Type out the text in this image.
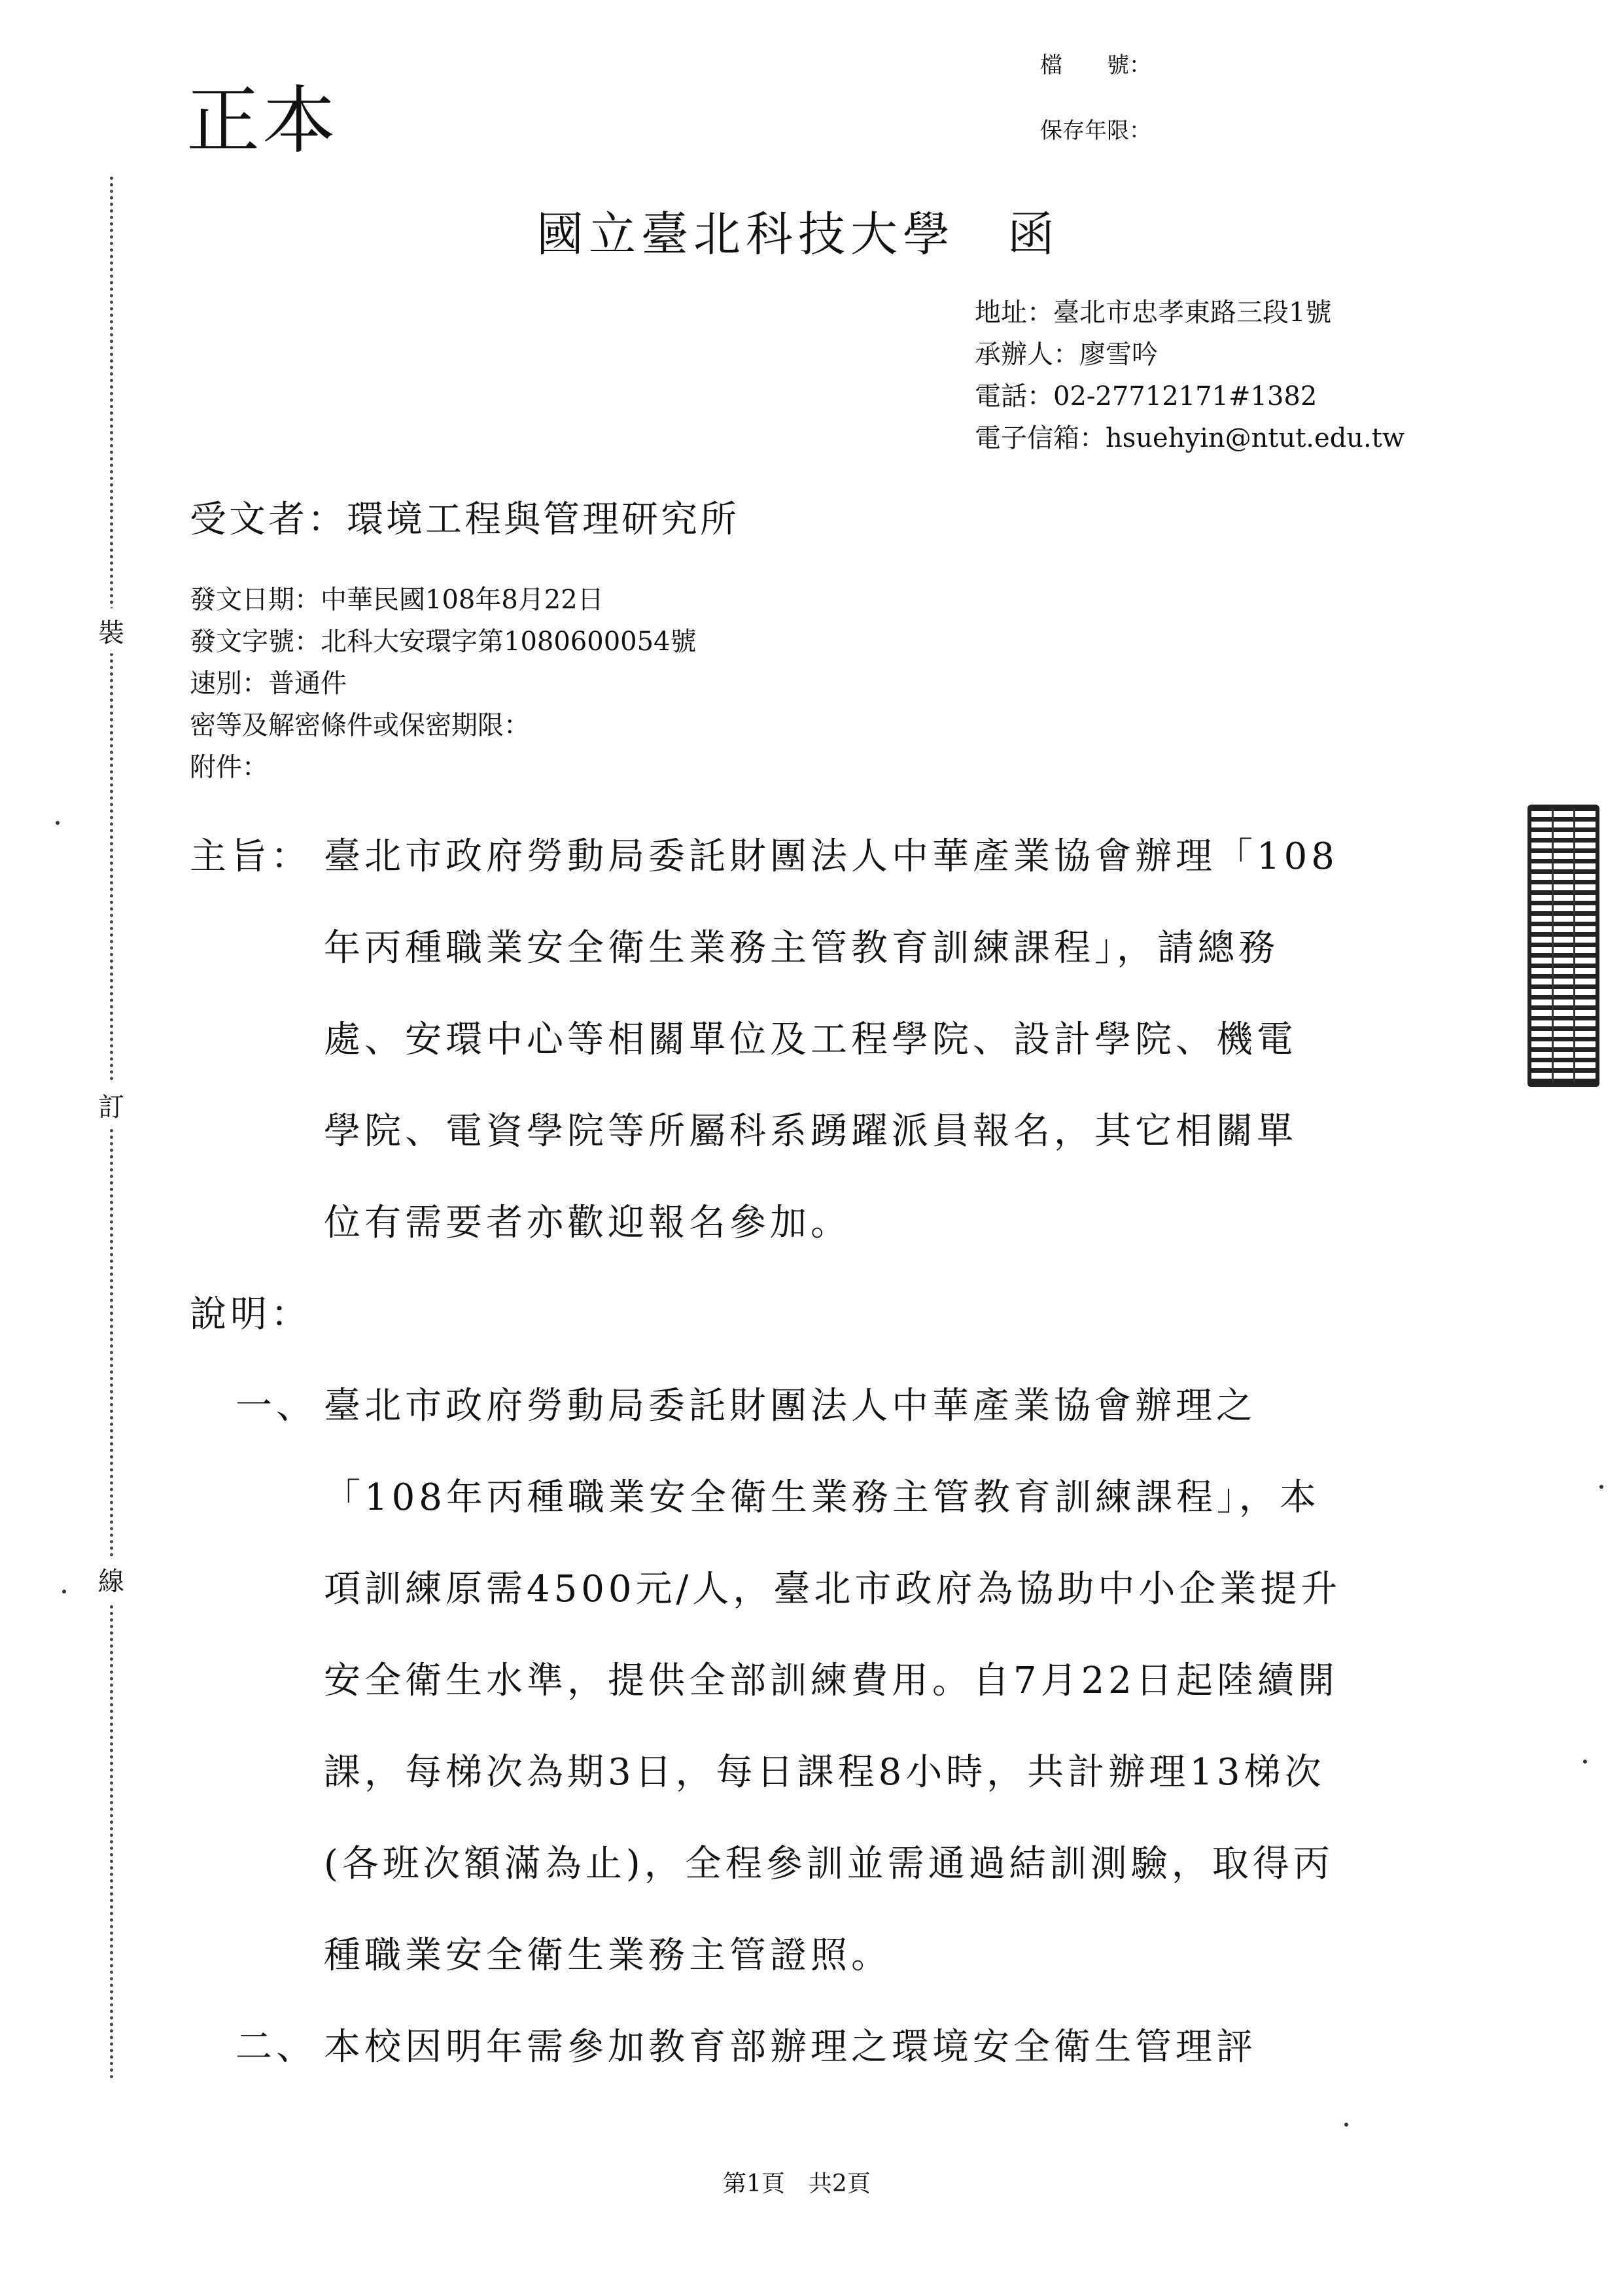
正本
檔　　號：
保存年限：
國立臺北科技大學　函
地址：臺北市忠孝東路三段1號
承辦人：廖雪吟
電話：02-27712171#1382
電子信箱：hsuehyin@ntut.edu.tw
受文者：環境工程與管理研究所
發文日期：中華民國108年8月22日
發文字號：北科大安環字第1080600054號
速別：普通件
密等及解密條件或保密期限：
附件：
主旨： 臺北市政府勞動局委託財團法人中華產業協會辦理「108
年丙種職業安全衛生業務主管教育訓練課程」，請總務
處、安環中心等相關單位及工程學院、設計學院、機電
學院、電資學院等所屬科系踴躍派員報名，其它相關單
位有需要者亦歡迎報名參加。
說明：
一、 臺北市政府勞動局委託財團法人中華產業協會辦理之
「108年丙種職業安全衛生業務主管教育訓練課程」，本
項訓練原需4500元/人，臺北市政府為協助中小企業提升
安全衛生水準，提供全部訓練費用。自7月22日起陸續開
課，每梯次為期3日，每日課程8小時，共計辦理13梯次
(各班次額滿為止)，全程參訓並需通過結訓測驗，取得丙
種職業安全衛生業務主管證照。
二、 本校因明年需參加教育部辦理之環境安全衛生管理評
裝
訂
線
第1頁　共2頁
